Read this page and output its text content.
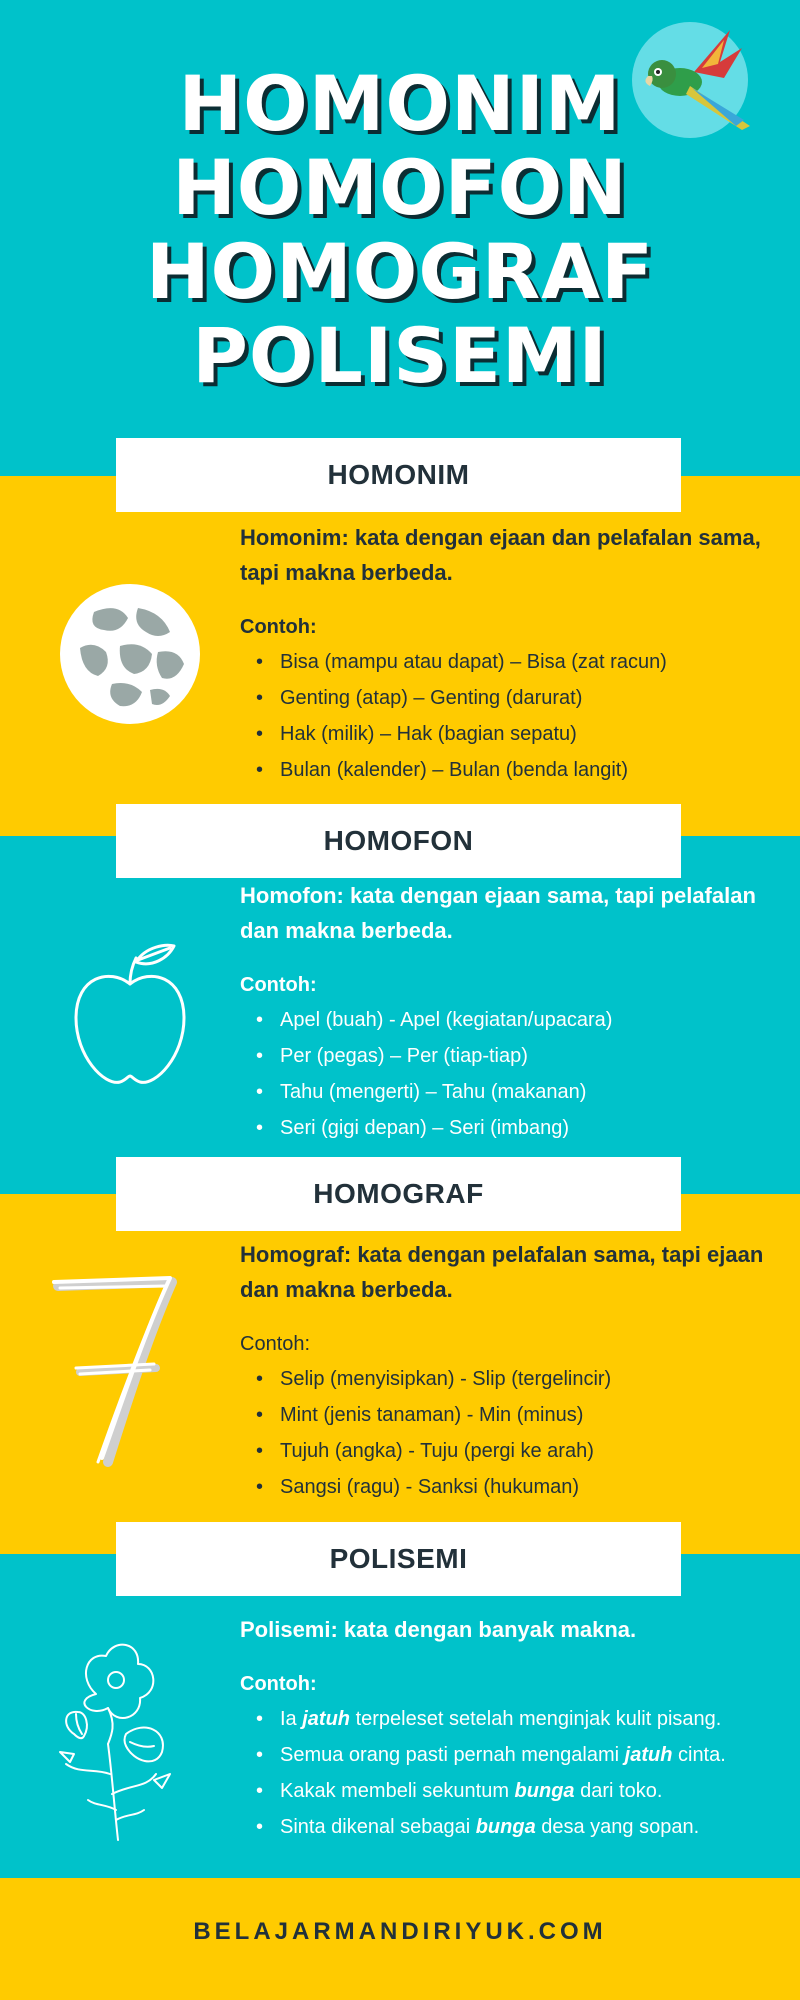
HOMONIM
HOMOFON
HOMOGRAF
POLISEMI
HOMONIM
Homonim: kata dengan ejaan dan pelafalan sama, tapi makna berbeda.
Contoh:
• Bisa (mampu atau dapat) – Bisa (zat racun)
• Genting (atap) – Genting (darurat)
• Hak (milik) – Hak (bagian sepatu)
• Bulan (kalender) – Bulan (benda langit)
HOMOFON
Homofon: kata dengan ejaan sama, tapi pelafalan dan makna berbeda.
Contoh:
• Apel (buah) - Apel (kegiatan/upacara)
• Per (pegas) – Per (tiap-tiap)
• Tahu (mengerti) – Tahu (makanan)
• Seri (gigi depan) – Seri (imbang)
HOMOGRAF
Homograf: kata dengan pelafalan sama, tapi ejaan dan makna berbeda.
Contoh:
• Selip (menyisipkan) - Slip (tergelincir)
• Mint (jenis tanaman) - Min (minus)
• Tujuh (angka) - Tuju (pergi ke arah)
• Sangsi (ragu) - Sanksi (hukuman)
POLISEMI
Polisemi: kata dengan banyak makna.
Contoh:
• Ia jatuh terpeleset setelah menginjak kulit pisang.
• Semua orang pasti pernah mengalami jatuh cinta.
• Kakak membeli sekuntum bunga dari toko.
• Sinta dikenal sebagai bunga desa yang sopan.
BELAJARMANDIRIYUK.COM
